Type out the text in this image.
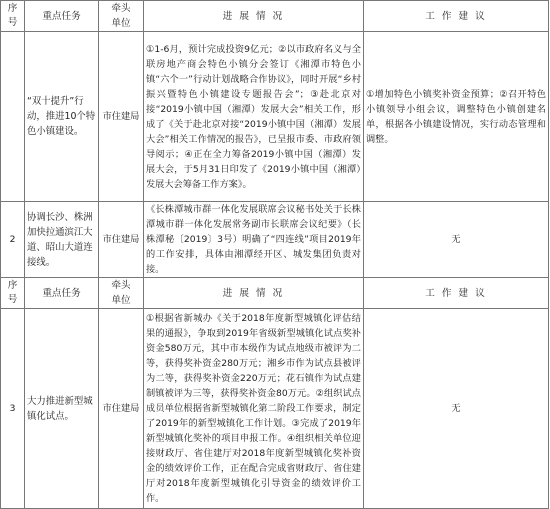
序
号	重点任务	牵头
单位	进 展 情 况	工 作 建 议
	“双十提升”行动，推进10个特色小镇建设。	市住建局	①1-6月，预计完成投资9亿元；②以市政府名义与全联房地产商会特色小镇分会签订《湘潭市特色小镇“六个一”行动计划战略合作协议》，同时开展“乡村振兴暨特色小镇建设专题报告会”；③赴北京对接“2019小镇中国（湘潭）发展大会”相关工作，形成了《关于赴北京对接“2019小镇中国（湘潭）发展大会”相关工作情况的报告》，已呈报市委、市政府领导阅示；④正在全力筹备2019小镇中国（湘潭）发展大会，于5月31日印发了《2019小镇中国（湘潭）发展大会筹备工作方案》。	①增加特色小镇奖补资金预算；②召开特色小镇领导小组会议，调整特色小镇创建名单，根据各小镇建设情况，实行动态管理和调整。
2	协调长沙、株洲加快拉通滨江大道、昭山大道连接线。	市住建局	《长株潭城市群一体化发展联席会议秘书处关于长株潭城市群一体化发展常务副市长联席会议纪要》（长株潭秘〔2019〕3号）明确了“四连线”项目2019年的工作安排，具体由湘潭经开区、城发集团负责对接。	无

序
号	重点任务	牵头
单位	进 展 情 况	工 作 建 议
3	大力推进新型城镇化试点。	市住建局	①根据省新城办《关于2018年度新型城镇化评估结果的通报》，争取到2019年省级新型城镇化试点奖补资金580万元，其中市本级作为试点地级市被评为二等，获得奖补资金280万元；湘乡市作为试点县被评为二等，获得奖补资金220万元；花石镇作为试点建制镇被评为三等，获得奖补资金80万元。②组织试点成员单位根据省新型城镇化第二阶段工作要求，制定了2019年的新型城镇化工作计划。③完成了2019年新型城镇化奖补的项目申报工作。④组织相关单位迎接财政厅、省住建厅对2018年度新型城镇化奖补资金的绩效评价工作，正在配合完成省财政厅、省住建厅对2018年度新型城镇化引导资金的绩效评价工作。	无
